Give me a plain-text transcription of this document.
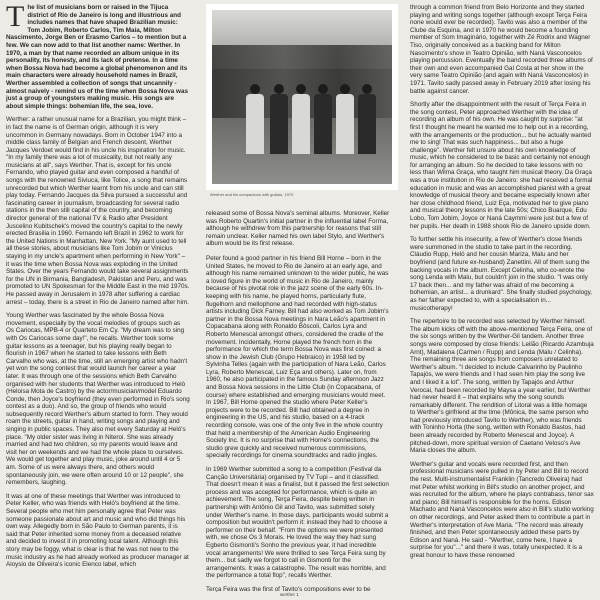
The list of musicians born or raised in the Tijuca district of Rio de Janeiro is long and illustrious and includes names that have shaped Brazilian music: Tom Jobim, Roberto Carlos, Tim Maia, Milton Nascimento, Jorge Ben or Erasmo Carlos – to mention but a few. We can now add to that list another name: Werther. In 1970, a man by that name recorded an album unique in its personality, its honesty, and its lack of pretense. In a time when Bossa Nova had become a global phenomenon and its main characters were already household names in Brazil, Werther assembled a collection of songs that uncannily - almost naively - remind us of the time when Bossa Nova was just a group of youngsters making music. His songs are about simple things: bohemian life, the sea, love.

Werther: a rather unusual name for a Brazilian, you might think – in fact the name is of German origin, although it is very uncommon in Germany nowadays. Born in October 1947 into a middle class family of Belgian and French descent, Werther Jacques Verdoet would find in his uncle his inspiration for music. "In my family there was a lot of musicality, but not really any musicians at all", says Werther. That is, except for his uncle Fernando, who played guitar and even composed a handful of songs with the renowned Siviuca, like Tolice, a song that remains unrecorded but which Werther learnt from his uncle and can still play today. Fernando Jacques da Silva pursued a successful and fascinating career in journalism, broadcasting for several radio stations in the then still capital of the country, and becoming director general of the national TV & Radio after President Juscelino Kubitschek's moved the country's capital to the newly erected Brasilia in 1960. Fernando left Brazil in 1962 to work for the United Nations in Manhattan, New York. "My aunt used to tell all these stories, about musicians like Tom Jobim or Vinicius staying in my uncle's apartment when performing in New York" – it was the time when Bossa Nova was exploding in the United States. Over the years Fernando would take several assignments for the UN in Birmania, Bangladesh, Pakistan and Peru, and was promoted to UN Spokesman for the Middle East in the mid 1970s. He passed away in Jerusalem in 1978 after suffering a cardiac arrest – today, there is a street in Rio de Janeiro named after him.

Young Werther was fascinated by the whole Bossa Nova movement, especially by the vocal melodies of groups such as Os Cariocas, MPB-4 or Quarteto Em Cy. "My dream was to sing with Os Cariocas some day!", he recalls. Werther took some guitar lessons as a teenager, but his playing really began to flourish in 1967 when he started to take lessons with Beth Carvalho who was, at the time, still an emerging artist who hadn't yet won the song contest that would launch her career a year later. It was through one of the sessions which Beth Carvalho organised with her students that Werther was introduced to Heló (Heloisa Mota de Castro) by the actor/musician/model Eduardo Conde, then Joyce's boyfriend (they even performed in Rio's song contest as a duo). And so, the group of friends who would subsequently record Werther's album started to form. They would roam the streets, guitar in hand, writing songs and playing and singing in public spaces. They also met every Saturday at Heló's place. "My older sister was living in Niteroi. She was already married and had two children, so my parents would leave and visit her on weekends and we had the whole place to ourselves. We would get together and play music, joke around until 4 or 5 am. Some of us were always there, and others would spontaneously join, we were often around 10 or 12 people", she remembers, laughing.

It was at one of these meetings that Werther was introduced to Peter Keller, who was friends with Heló's boyfriend at the time. Several people who met him personally agree that Peter was someone passionate about art and music and who did things his own way. Allegedly born in São Paulo to German parents, it is said that Peter inherited some money from a deceased relative and decided to invest it in promoting local talent. Although this story may be foggy, what is clear is that he was not new to the music industry as he had already worked as producer manager at Aloysio de Oliveira's iconic Elenco label, which

Werther and his companions with guitars, 1970

released some of Bossa Nova's seminal albums. Moreover, Keller was Roberto Quartin's initial partner in the influential label Forma, although he withdrew from this partnership for reasons that still remain unclear. Keller named his own label Stylo, and Werther's album would be its first release.

Peter found a good partner in his friend Bill Horne – born in the United States, he moved to Rio de Janeiro at an early age, and although his name remained unknown to the wider public, he was a loved figure in the world of music in Rio de Janeiro, mainly because of his pivotal role in the jazz scene of the early 60s. In-keeping with his name, he played horns, particularly flute, flugelhorn and mellophone and had recorded with high-status artists including Dick Farney. Bill had also worked as Tom Jobim's partner in the Bossa Nova meetings in Nara Leão's apartment in Copacabana along with Ronaldo Bôscoli, Carlos Lyra and Roberto Menescal amongst others, considered the cradle of the movement. Incidentally, Horne played the french horn in the performance for which the term Bossa Nova was first coined: a show in the Jewish Club (Grupo Hebraico) in 1958 led by Sylvinha Telles (again with the participation of Nara Leão, Carlos Lyra, Roberto Menescal, Luiz Eça and others). Later on, from 1960, he also participated in the famous Sunday afternoon Jazz and Bossa Nova sessions in the Little Club (in Copacabana, of course) where established and emerging musicians would meet. In 1967, Bill Horne opened the studio where Peter Keller's projects were to be recorded. Bill had obtained a degree in engineering in the US, and his studio, based on a 4-track recording console, was one of the only five in the whole country that held a membership of the American Audio Engineering Society Inc. It is no surprise that with Horne's connections, the studio grew quickly and received numerous commissions, specially recordings for cinema soundtracks and radio jingles.

In 1969 Werther submitted a song to a competition (Festival da Canção Universitária) organised by TV Tupi – and it classified. That doesn't mean it was a finalist, but it passed the first selection process and was accepted for performance, which is quite an achievement. The song, Terça Feira, despite being written in partnership with Antônio Gil and Tavito, was submitted solely under Werther's name. In those days, participants would submit a composition but wouldn't perform it: instead they had to choose a performer on their behalf. "From the options we were presented with, we chose Os 3 Morais. He loved the way they had sung Egberto Gismonti's Sonho the previous year, it had incredible vocal arrangements! We were thrilled to see Terça Feira sung by them... but sadly we forgot to call in Gismonti for the arrangements. It was a catastrophe. The result was horrible, and the performance a total flop", recalls Werther.

Terça Feira was the first of Tavito's compositions ever to be

through a common friend from Belo Horizonte and they started playing and writing songs together (although except Terça Feira none would ever be recorded). Tavito was also a member of the Clube da Esquina, and in 1970 he would become a founding member of Som Imaginário, together with Zé Rodrix and Wagner Tiso, originally conceived as a backing band for Milton Nascimento's show in Teatro Opinião, with Naná Vasconcelos playing percussion. Eventually the band recorded three albums of their own and even accompanied Gal Costa at her show in the very same Teatro Opinião (and again with Naná Vasconcelos) in 1971. Tavito sadly passed away in February 2019 after losing his battle against cancer.

Shortly after the disappointment with the result of Terça Feira in the song contest, Peter approached Werther with the idea of recording an album of his own. He was caught by surprise: "at first I thought he meant he wanted me to help out in a recording, with the arrangements or the production... but he actually wanted me to sing! That was such happiness... but also a huge challenge". Werther felt unsure about his own knowledge of music, which he considered to be basic and certainly not enough for arranging an album. So he decided to take lessons with no less than Wilma Graça, who taught him musical theory. Da Graça was a true institution in Rio de Janeiro: she had received a formal education in music and was an accomplished pianist with a great knowledge of musical theory and became especially known after her close childhood friend, Luiz Eça, motivated her to give piano and musical theory lessons in the late 50s; Chico Buarque, Edu Lobo, Tom Jobim, Joyce or Naná Caymmi were just but a few of her pupils. Her death in 1988 shook Rio de Janeiro upside down.

To further settle his insecurity, a few of Werther's close friends were summoned in the studio to take part in the recording. Cláudio Rupp, Heló and her cousin Mariza, Malu and her boyfriend (and future ex-husband) Zanettini. All of them sung the backing vocals in the album. Except Celinha, who co-wrote the song Lenda with Malu, but couldn't join in the studio. "I was only 17 back then... and my father was afraid of me becoming a bohemian, an artist... a drunkard". She finally studied psychology, as her father expected to, with a specialisation in... musicotherapy!

The repertoire to be recorded was selected by Werther himself. The album kicks off with the above-mentioned Terça Feira, one of the six songs written by the Werther-Gil tandem. Another three songs were composed by close friends: Leilão (Ricardo Azambuja Arnt), Madalena (Carmen / Rupp) and Lenda (Malu / Celinha). The remaining three are songs from composers unrelated to Werther's album. "I decided to include Calvarinho by Paulinho Tapajós, we were friends and I had seen him play the song live and I liked it a lot". The song, written by Tapajós and Arthur Verocai, had been recorded by Maysa a year earlier, but Werther had never heard it – that explains why the song sounds remarkably different. The rendition of Litoral was a little homage to Werther's girlfriend at the time (Mônica, the same person who had previously introduced Tavito to Werther), who was friends with Toninho Horta (the song, written with Ronaldo Bastos, had been already recorded by Roberto Menescal and Joyce). A pitched-down, more spiritual version of Caetano Veloso's Ave Maria closes the album.

Werther's guitar and vocals were recorded first, and then professional musicians were pulled in by Peter and Bill to record the rest. Multi-instrumentalist Franklin (Tancredo Oliveira) had met Peter whilst working in Bill's studio on another project, and was recruited for the album, where he plays contrabass, tenor sax and piano; Bill himself is responsible for the horns. Edison Machado and Naná Vasconcelos were also in Bill's studio working on other recordings, and Peter asked them to contribute a part in Werther's interpretation of Ave Maria. "The record was already finished, and then Peter spontaneously added these parts by Edison and Naná. He said - "Werther, come here, I have a surprise for you"..." and there it was, totally unexpected. It is a great honour to have these renowned

werther 1
